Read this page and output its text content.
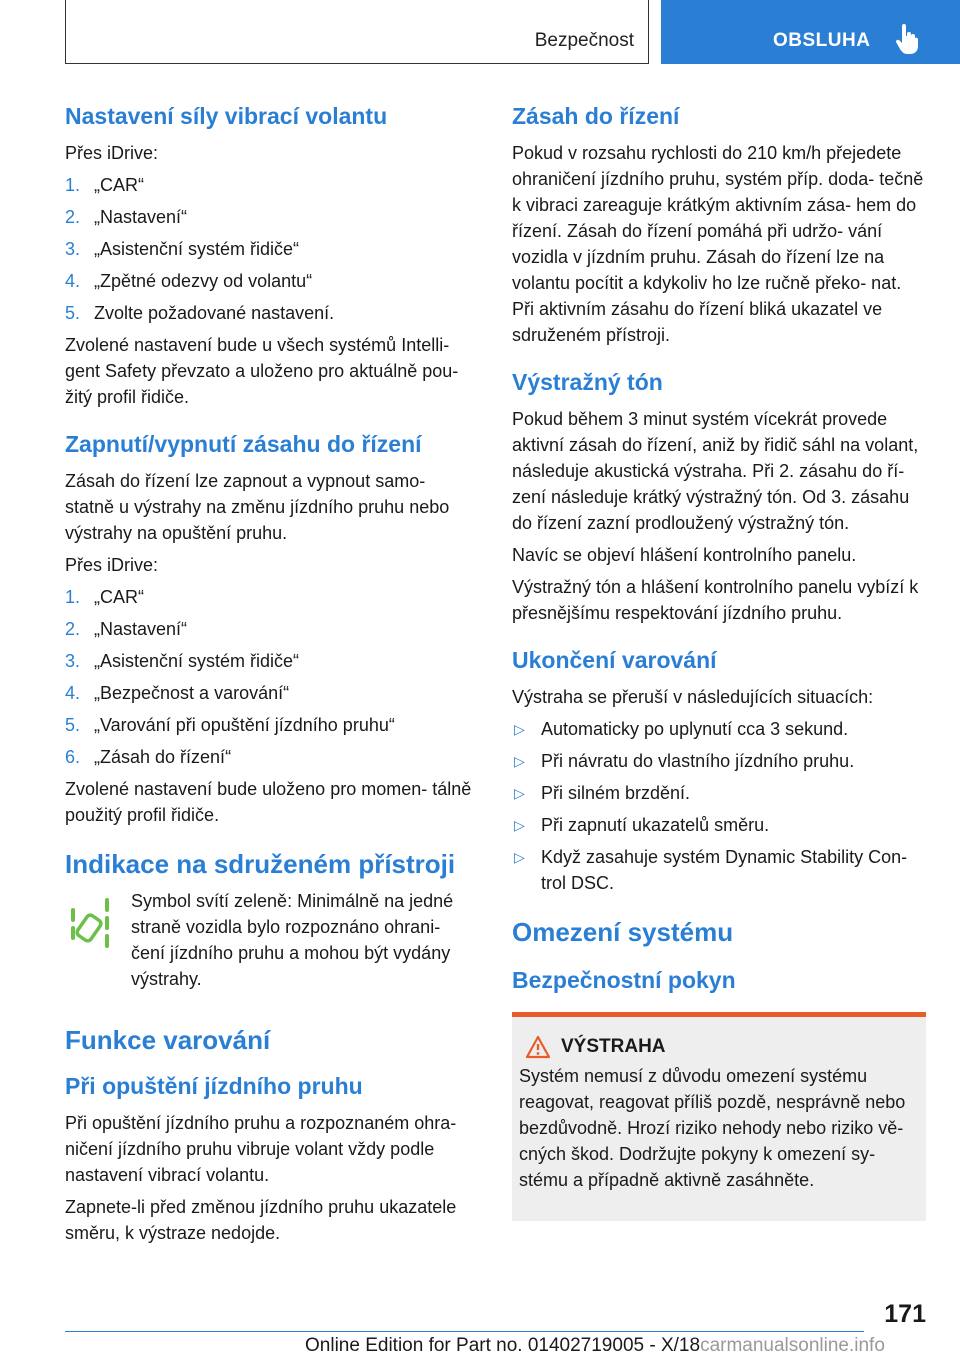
Bezpečnost	OBSLUHA
Nastavení síly vibrací volantu

Přes iDrive:

1. „CAR“
2. „Nastavení“
3. „Asistenční systém řidiče“
4. „Zpětné odezvy od volantu“
5. Zvolte požadované nastavení.

Zvolené nastavení bude u všech systémů Intelli- gent Safety převzato a uloženo pro aktuálně pou- žitý profil řidiče.

Zapnutí/vypnutí zásahu do řízení

Zásah do řízení lze zapnout a vypnout samo- statně u výstrahy na změnu jízdního pruhu nebo výstrahy na opuštění pruhu.

Přes iDrive:

1. „CAR“
2. „Nastavení“
3. „Asistenční systém řidiče“
4. „Bezpečnost a varování“
5. „Varování při opuštění jízdního pruhu“
6. „Zásah do řízení“

Zvolené nastavení bude uloženo pro momen- tálně použitý profil řidiče.

Indikace na sdruženém přístroji

Symbol svítí zeleně: Minimálně na jedné straně vozidla bylo rozpoznáno ohrani- čení jízdního pruhu a mohou být vydány výstrahy.

Funkce varování
Při opuštění jízdního pruhu

Při opuštění jízdního pruhu a rozpoznaném ohra- ničení jízdního pruhu vibruje volant vždy podle nastavení vibrací volantu.

Zapnete-li před změnou jízdního pruhu ukazatele směru, k výstraze nedojde.

Zásah do řízení

Pokud v rozsahu rychlosti do 210 km/h přejedete ohraničení jízdního pruhu, systém příp. doda- tečně k vibraci zareaguje krátkým aktivním zása- hem do řízení. Zásah do řízení pomáhá při udržo- vání vozidla v jízdním pruhu. Zásah do řízení lze na volantu pocítit a kdykoliv ho lze ručně překo- nat. Při aktivním zásahu do řízení bliká ukazatel ve sdruženém přístroji.

Výstražný tón

Pokud během 3 minut systém vícekrát provede aktivní zásah do řízení, aniž by řidič sáhl na volant, následuje akustická výstraha. Při 2. zásahu do ří- zení následuje krátký výstražný tón. Od 3. zásahu do řízení zazní prodloužený výstražný tón.

Navíc se objeví hlášení kontrolního panelu.

Výstražný tón a hlášení kontrolního panelu vybízí k přesnějšímu respektování jízdního pruhu.

Ukončení varování

Výstraha se přeruší v následujících situacích:

▷ Automaticky po uplynutí cca 3 sekund.
▷ Při návratu do vlastního jízdního pruhu.
▷ Při silném brzdění.
▷ Při zapnutí ukazatelů směru.
▷ Když zasahuje systém Dynamic Stability Con- trol DSC.
Omezení systému
Bezpečnostní pokyn
VÝSTRAHA

Systém nemusí z důvodu omezení systému reagovat, reagovat příliš pozdě, nesprávně nebo bezdůvodně. Hrozí riziko nehody nebo riziko vě- cných škod. Dodržujte pokyny k omezení sy- stému a případně aktivně zasáhněte.

171
Online Edition for Part no. 01402719005 - X/18carmanualsonline.info
